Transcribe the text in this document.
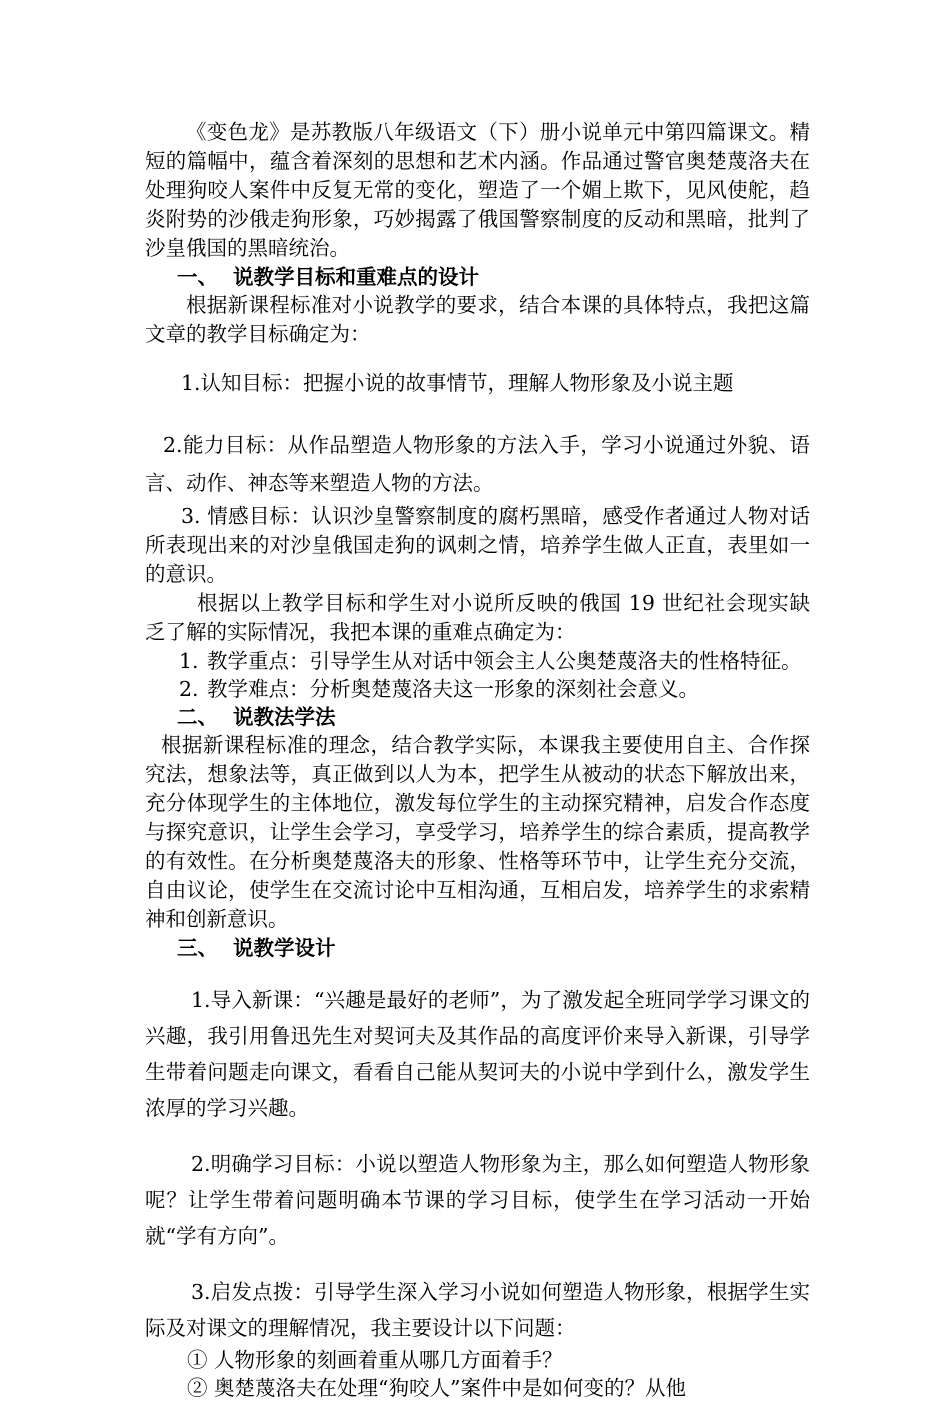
《变色龙》是苏教版八年级语文（下）册小说单元中第四篇课文。精短的篇幅中，蕴含着深刻的思想和艺术内涵。作品通过警官奥楚蔑洛夫在处理狗咬人案件中反复无常的变化，塑造了一个媚上欺下，见风使舵，趋炎附势的沙俄走狗形象，巧妙揭露了俄国警察制度的反动和黑暗，批判了沙皇俄国的黑暗统治。

一、 说教学目标和重难点的设计

根据新课程标准对小说教学的要求，结合本课的具体特点，我把这篇文章的教学目标确定为：

1.认知目标：把握小说的故事情节，理解人物形象及小说主题

2.能力目标：从作品塑造人物形象的方法入手，学习小说通过外貌、语言、动作、神态等来塑造人物的方法。

3. 情感目标：认识沙皇警察制度的腐朽黑暗，感受作者通过人物对话所表现出来的对沙皇俄国走狗的讽刺之情，培养学生做人正直，表里如一的意识。

根据以上教学目标和学生对小说所反映的俄国 19 世纪社会现实缺乏了解的实际情况，我把本课的重难点确定为：

1. 教学重点：引导学生从对话中领会主人公奥楚蔑洛夫的性格特征。

2. 教学难点：分析奥楚蔑洛夫这一形象的深刻社会意义。

二、 说教法学法

根据新课程标准的理念，结合教学实际，本课我主要使用自主、合作探究法，想象法等，真正做到以人为本，把学生从被动的状态下解放出来，充分体现学生的主体地位，激发每位学生的主动探究精神，启发合作态度与探究意识，让学生会学习，享受学习，培养学生的综合素质，提高教学的有效性。在分析奥楚蔑洛夫的形象、性格等环节中，让学生充分交流，自由议论，使学生在交流讨论中互相沟通，互相启发，培养学生的求索精神和创新意识。

三、 说教学设计

1.导入新课：“兴趣是最好的老师”，为了激发起全班同学学习课文的兴趣，我引用鲁迅先生对契诃夫及其作品的高度评价来导入新课，引导学生带着问题走向课文，看看自己能从契诃夫的小说中学到什么，激发学生浓厚的学习兴趣。

2.明确学习目标：小说以塑造人物形象为主，那么如何塑造人物形象呢？让学生带着问题明确本节课的学习目标，使学生在学习活动一开始就“学有方向”。

3.启发点拨：引导学生深入学习小说如何塑造人物形象，根据学生实际及对课文的理解情况，我主要设计以下问题：

① 人物形象的刻画着重从哪几方面着手？

② 奥楚蔑洛夫在处理“狗咬人”案件中是如何变的？从他
